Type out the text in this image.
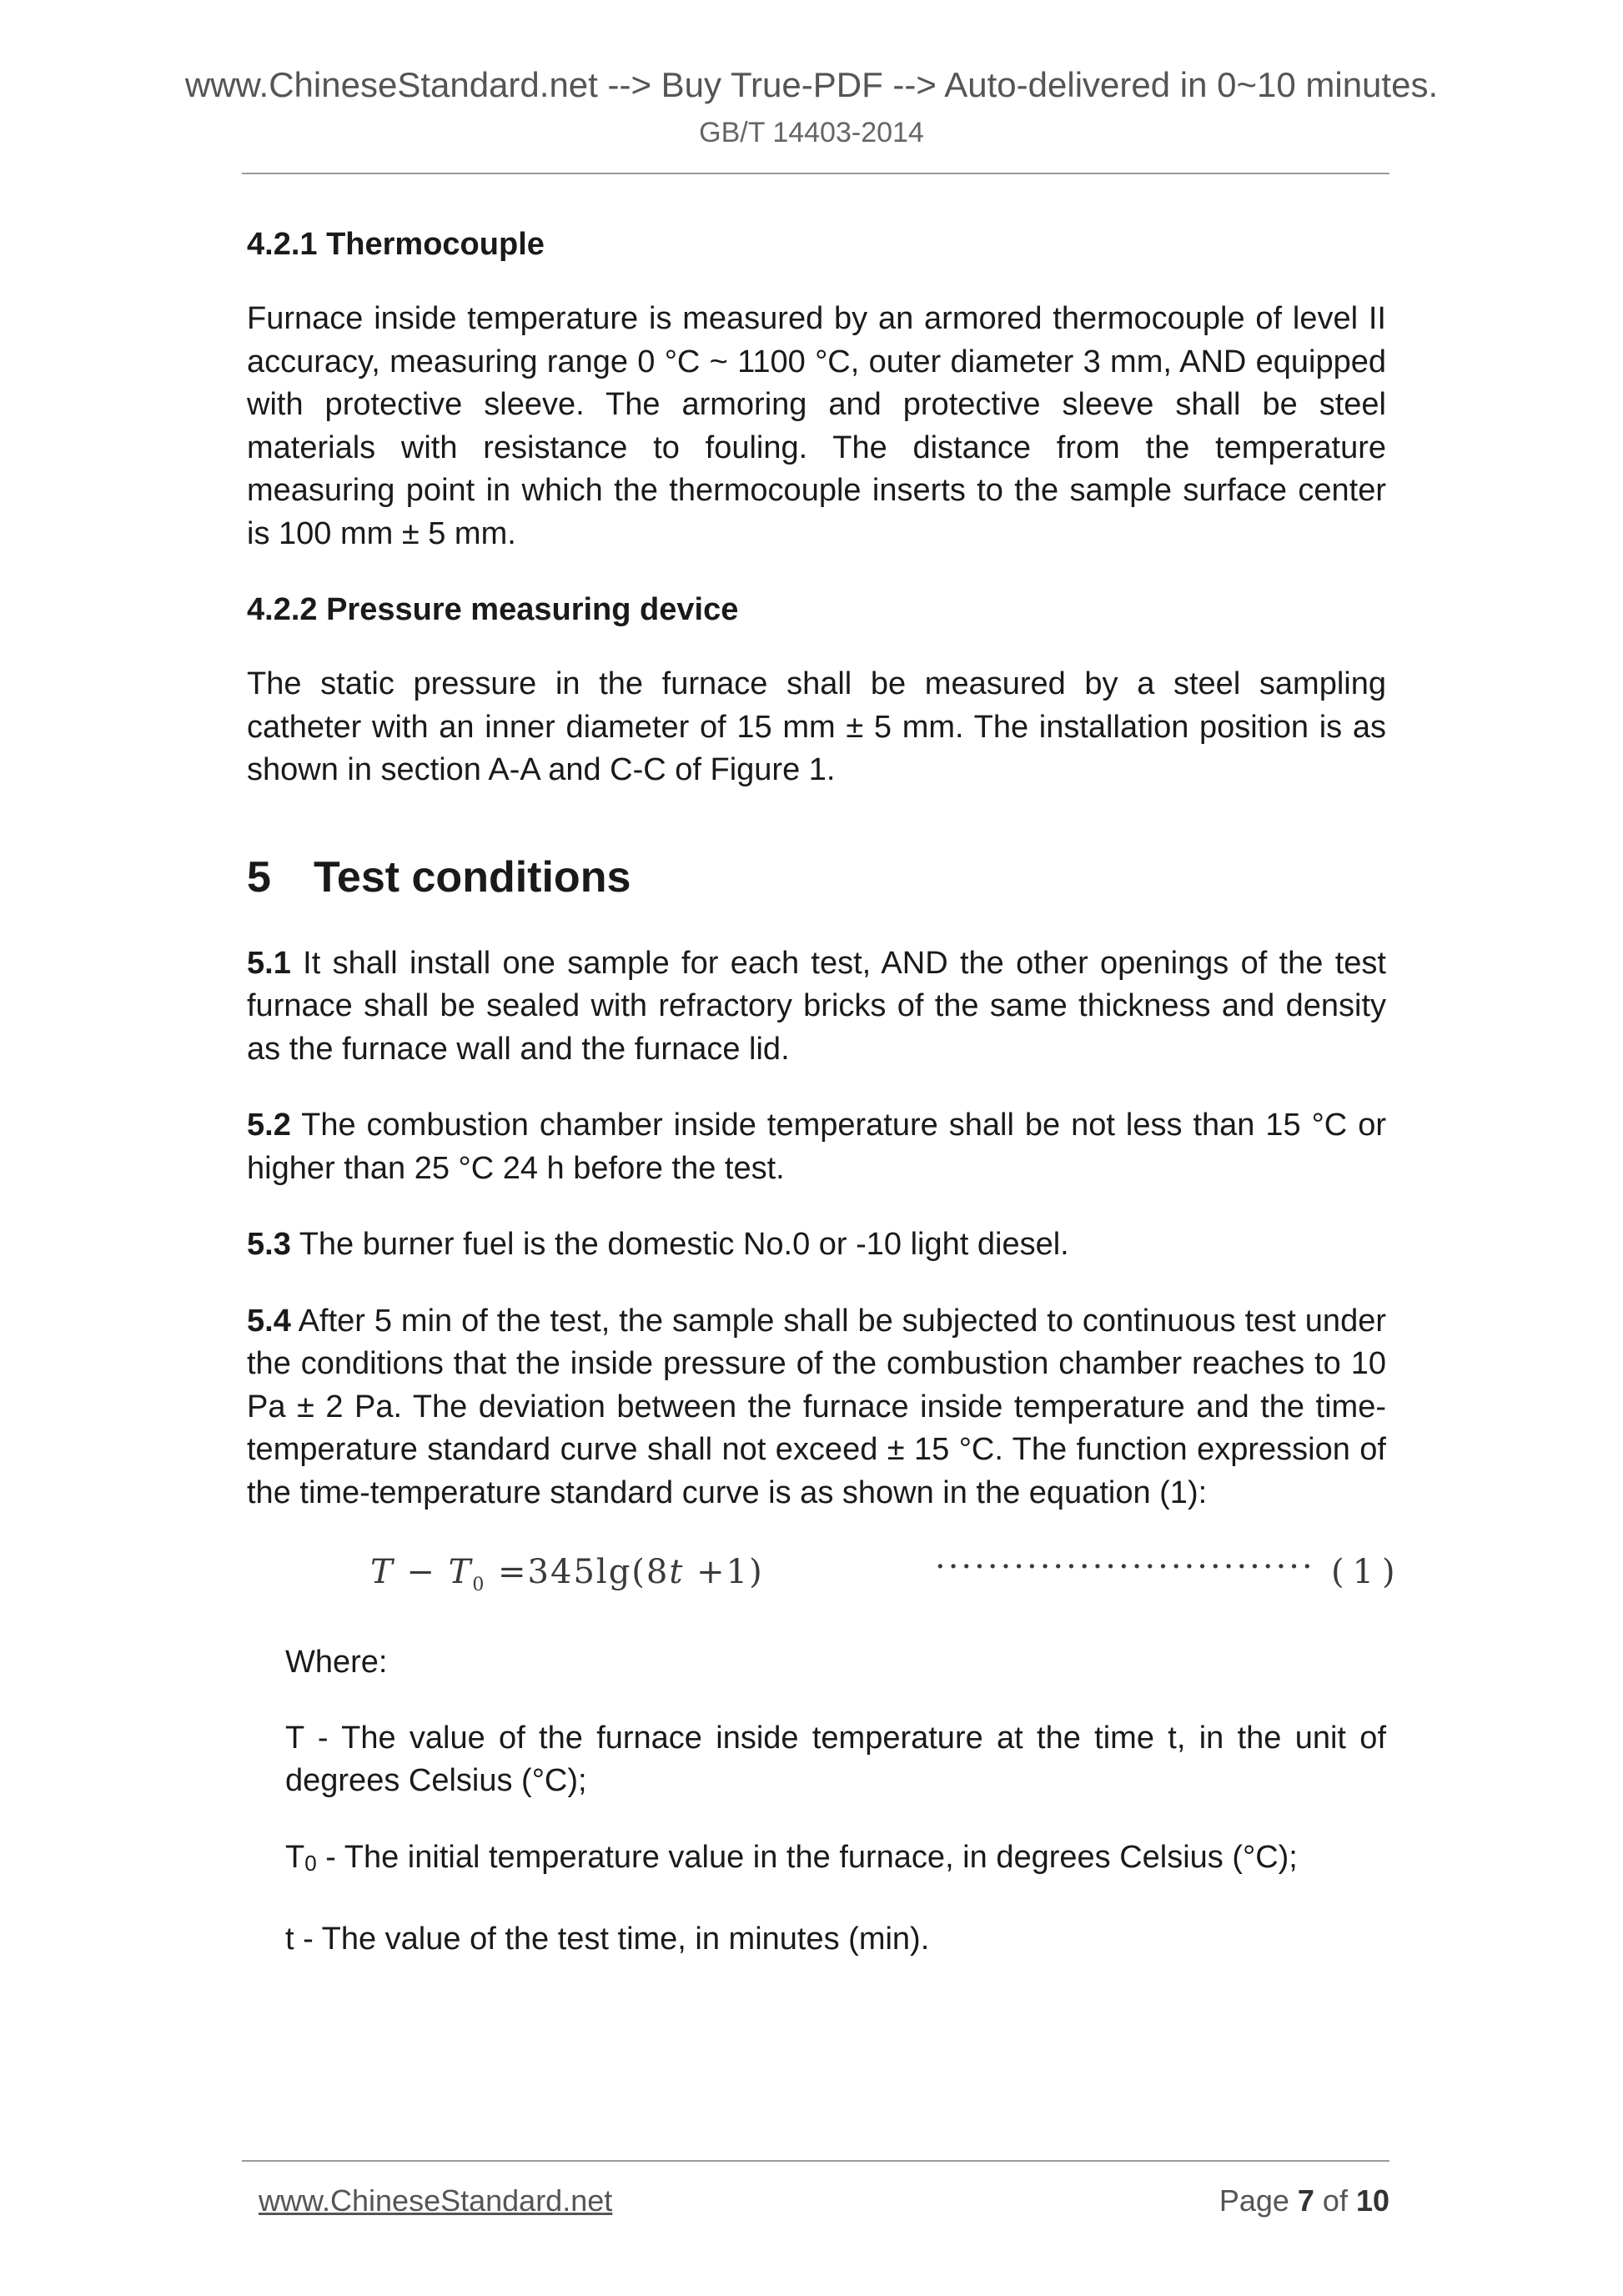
www.ChineseStandard.net --> Buy True-PDF --> Auto-delivered in 0~10 minutes.
GB/T 14403-2014

4.2.1 Thermocouple

Furnace inside temperature is measured by an armored thermocouple of level II accuracy, measuring range 0 °C ~ 1100 °C, outer diameter 3 mm, AND equipped with protective sleeve. The armoring and protective sleeve shall be steel materials with resistance to fouling. The distance from the temperature measuring point in which the thermocouple inserts to the sample surface center is 100 mm ± 5 mm.

4.2.2 Pressure measuring device

The static pressure in the furnace shall be measured by a steel sampling catheter with an inner diameter of 15 mm ± 5 mm. The installation position is as shown in section A-A and C-C of Figure 1.

5 Test conditions

5.1 It shall install one sample for each test, AND the other openings of the test furnace shall be sealed with refractory bricks of the same thickness and density as the furnace wall and the furnace lid.

5.2 The combustion chamber inside temperature shall be not less than 15 °C or higher than 25 °C 24 h before the test.

5.3 The burner fuel is the domestic No.0 or -10 light diesel.

5.4 After 5 min of the test, the sample shall be subjected to continuous test under the conditions that the inside pressure of the combustion chamber reaches to 10 Pa ± 2 Pa. The deviation between the furnace inside temperature and the time-temperature standard curve shall not exceed ± 15 °C. The function expression of the time-temperature standard curve is as shown in the equation (1):

$T - T_0 =345\lg(8t +1)$	····························· (1)

Where:

T - The value of the furnace inside temperature at the time t, in the unit of degrees Celsius (°C);

T0 - The initial temperature value in the furnace, in degrees Celsius (°C);

t - The value of the test time, in minutes (min).

www.ChineseStandard.net	Page 7 of 10
